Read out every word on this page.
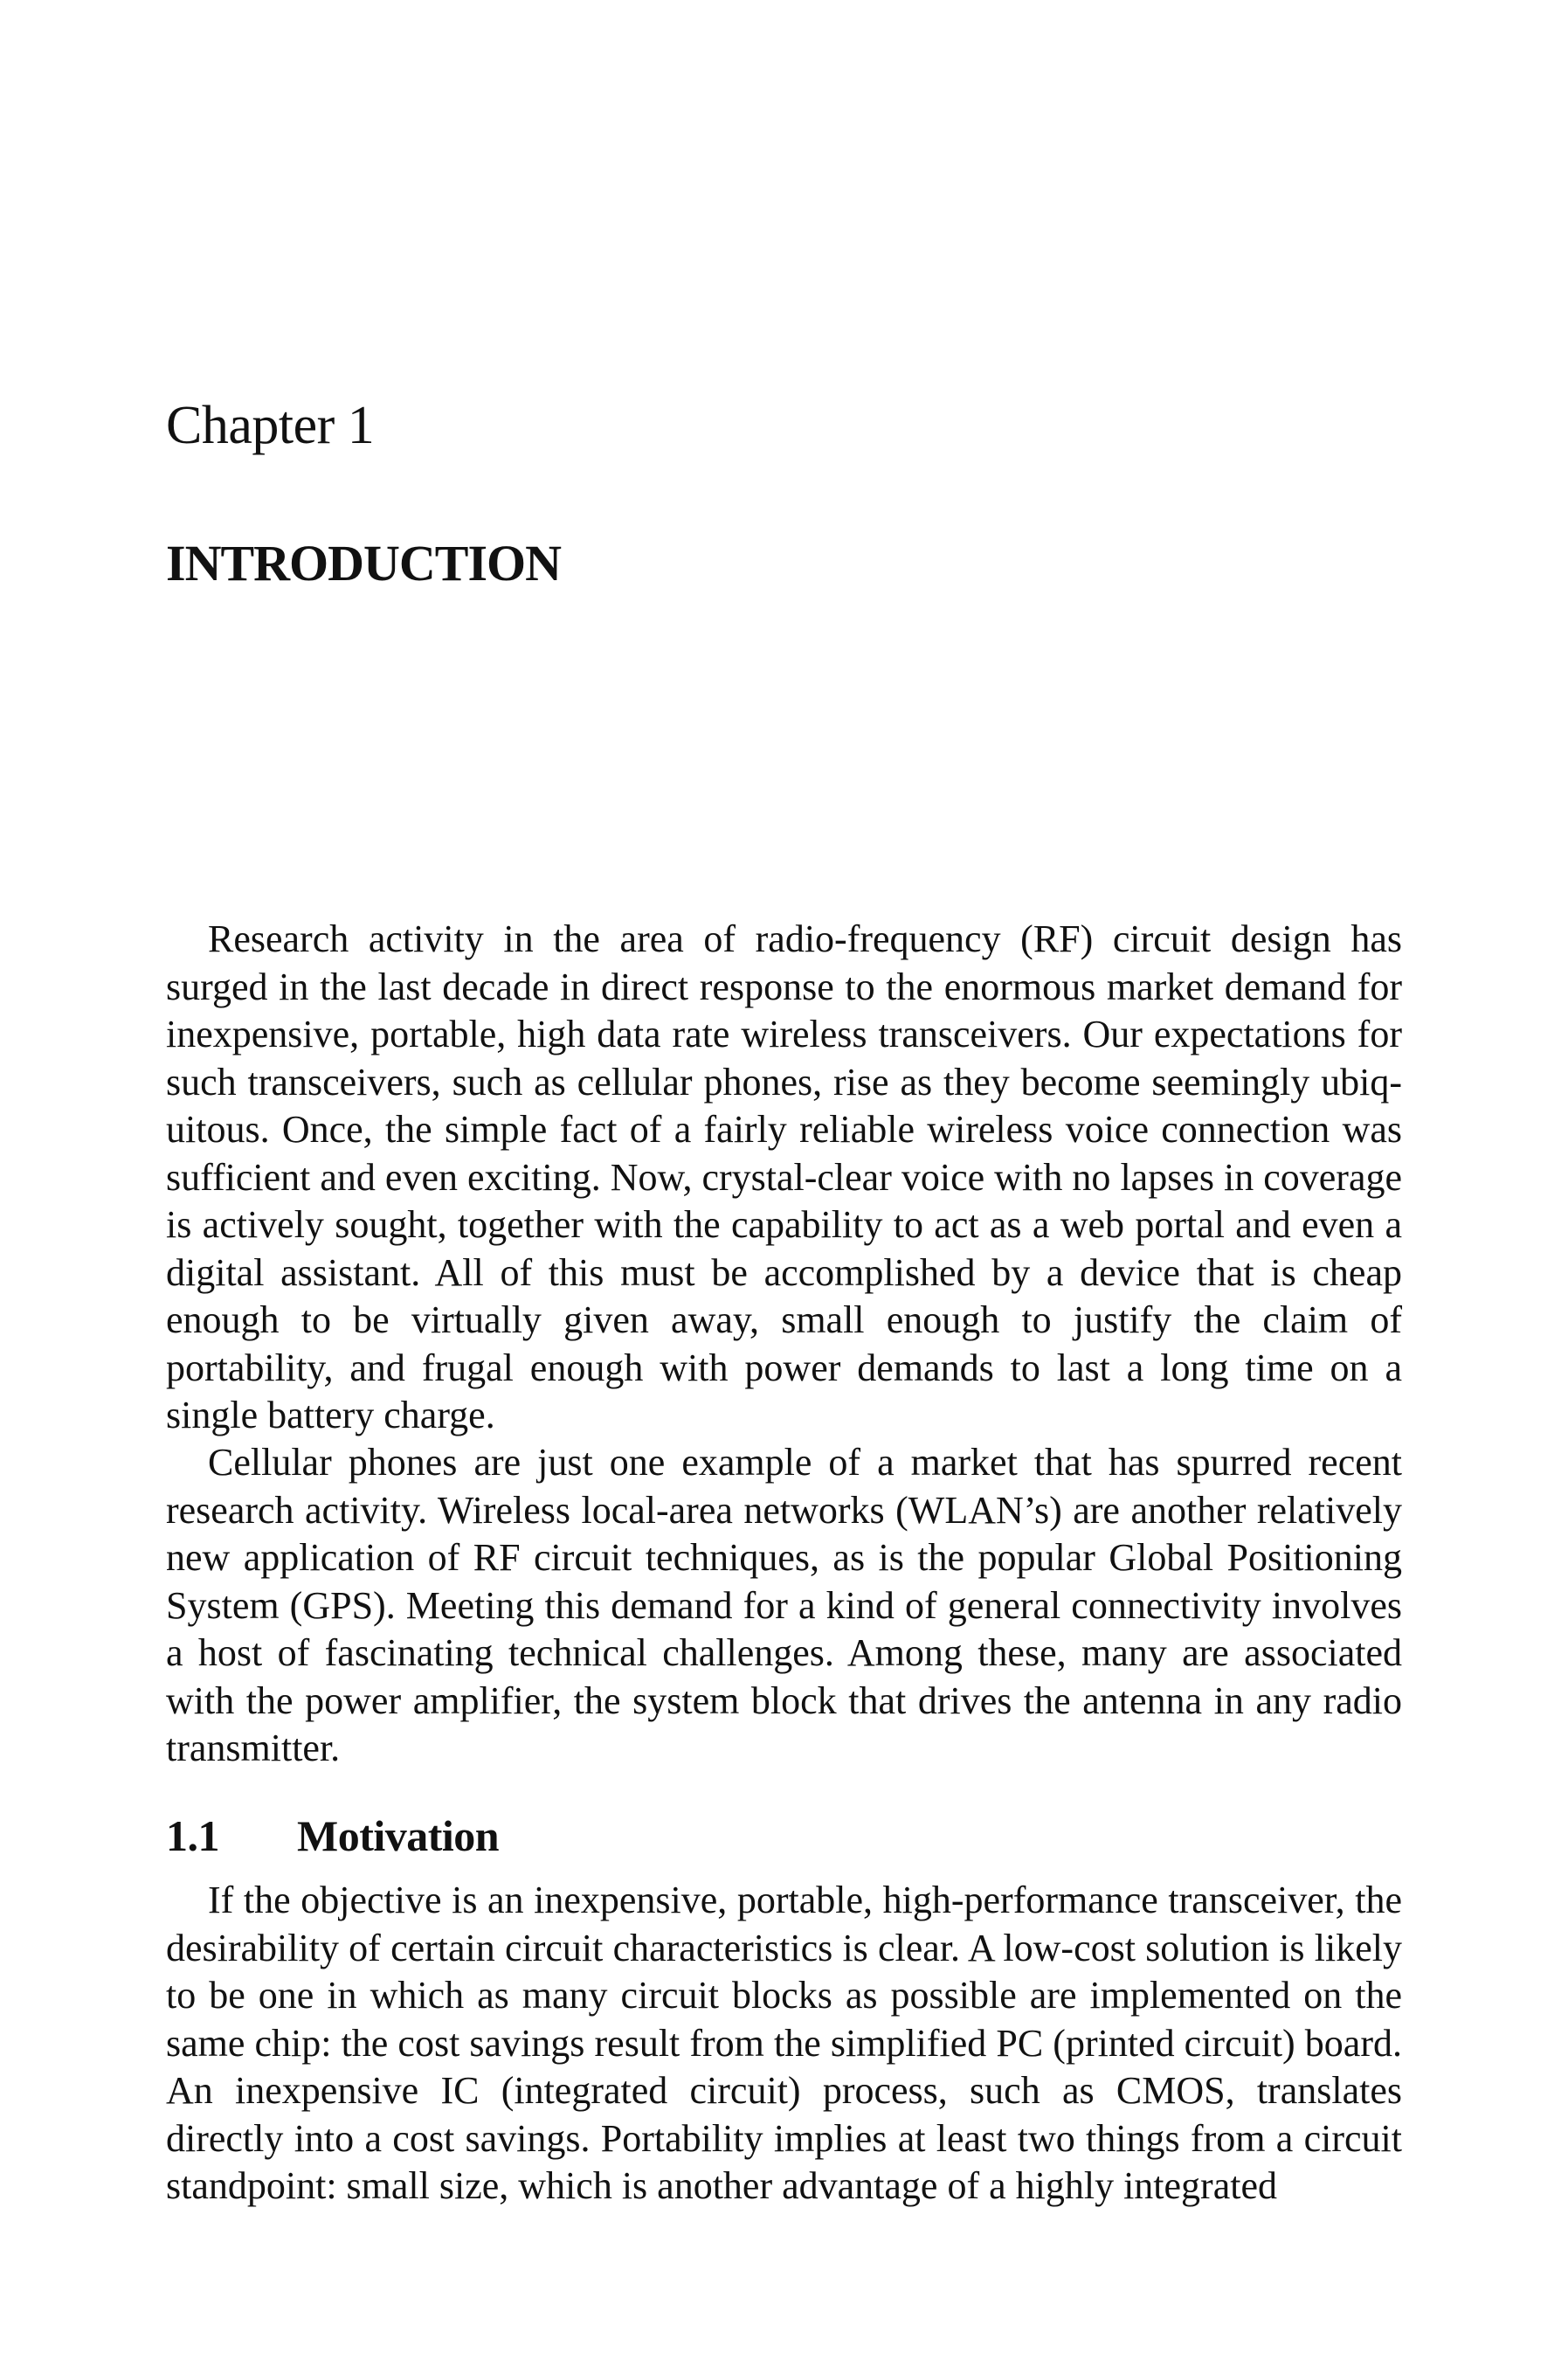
Chapter 1
INTRODUCTION

Research activity in the area of radio-frequency (RF) circuit design has surged in the last decade in direct response to the enormous market demand for inexpensive, portable, high data rate wireless transceivers. Our expectations for such transceivers, such as cellular phones, rise as they become seemingly ubiquitous. Once, the simple fact of a fairly reliable wireless voice connection was sufficient and even exciting. Now, crystal-clear voice with no lapses in coverage is actively sought, together with the capability to act as a web portal and even a digital assistant. All of this must be accomplished by a device that is cheap enough to be virtually given away, small enough to justify the claim of portability, and frugal enough with power demands to last a long time on a single battery charge.

Cellular phones are just one example of a market that has spurred recent research activity. Wireless local-area networks (WLAN’s) are another relatively new application of RF circuit techniques, as is the popular Global Positioning System (GPS). Meeting this demand for a kind of general connectivity involves a host of fascinating technical challenges. Among these, many are associated with the power amplifier, the system block that drives the antenna in any radio transmitter.

1.1	Motivation

If the objective is an inexpensive, portable, high-performance transceiver, the desirability of certain circuit characteristics is clear. A low-cost solution is likely to be one in which as many circuit blocks as possible are implemented on the same chip: the cost savings result from the simplified PC (printed circuit) board. An inexpensive IC (integrated circuit) process, such as CMOS, translates directly into a cost savings. Portability implies at least two things from a circuit standpoint: small size, which is another advantage of a highly integrated
